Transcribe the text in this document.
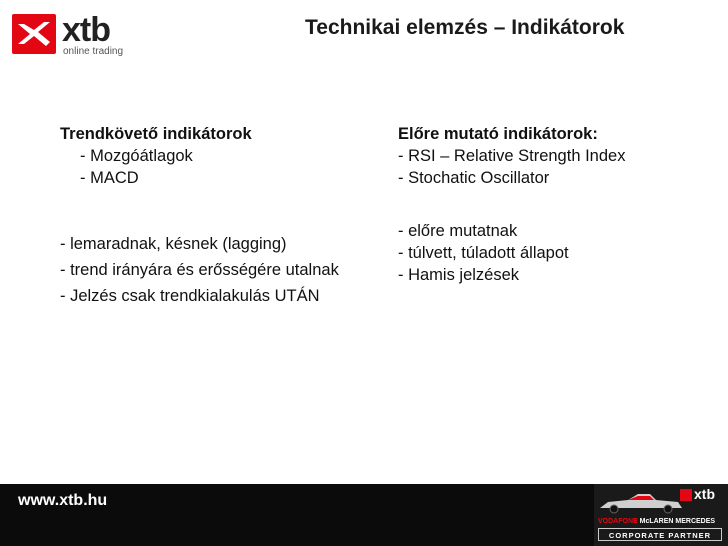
xtb
online trading
Technikai elemzés – Indikátorok
Trendkövető indikátorok
- Mozgóátlagok
- MACD
- lemaradnak, késnek (lagging)
- trend irányára és erősségére utalnak
- Jelzés csak trendkialakulás UTÁN
Előre mutató indikátorok:
- RSI – Relative Strength Index
- Stochatic Oscillator
- előre mutatnak
- túlvett, túladott állapot
- Hamis jelzések
www.xtb.hu	xtb
VODAFONE McLAREN MERCEDES
CORPORATE PARTNER
